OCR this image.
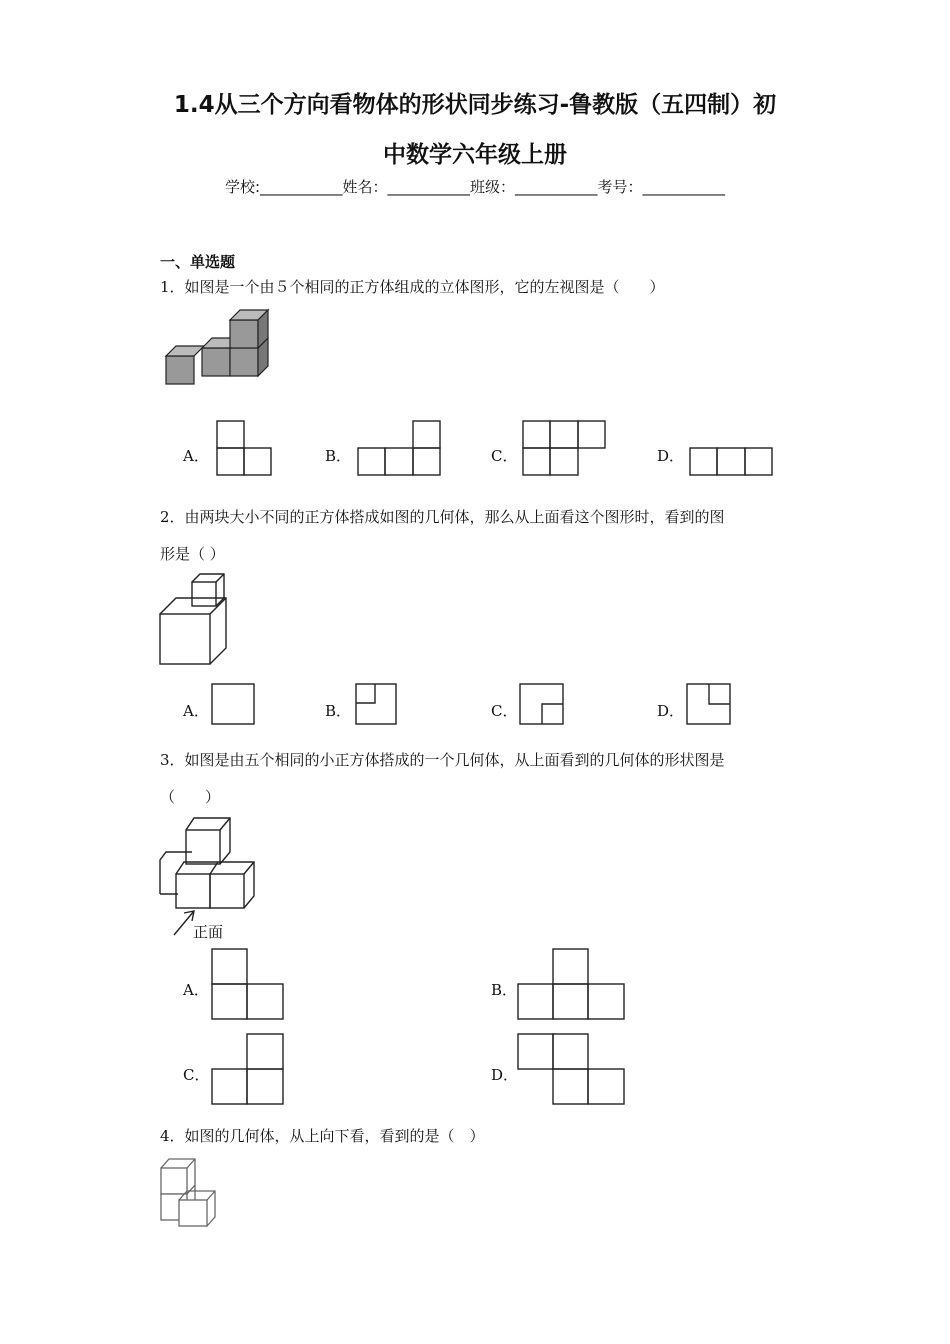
1.4从三个方向看物体的形状同步练习-鲁教版（五四制）初
中数学六年级上册
学校:___________姓名：___________班级：___________考号：___________
一、单选题
1．如图是一个由５个相同的正方体组成的立体图形，它的左视图是（　　）
A．	B．	C．	D．
2．由两块大小不同的正方体搭成如图的几何体，那么从上面看这个图形时，看到的图
形是（ ）
A．	B．	C．	D．
3．如图是由五个相同的小正方体搭成的一个几何体，从上面看到的几何体的形状图是
（　　）
正面
A．	B．
C．	D．
4．如图的几何体，从上向下看，看到的是（　）
